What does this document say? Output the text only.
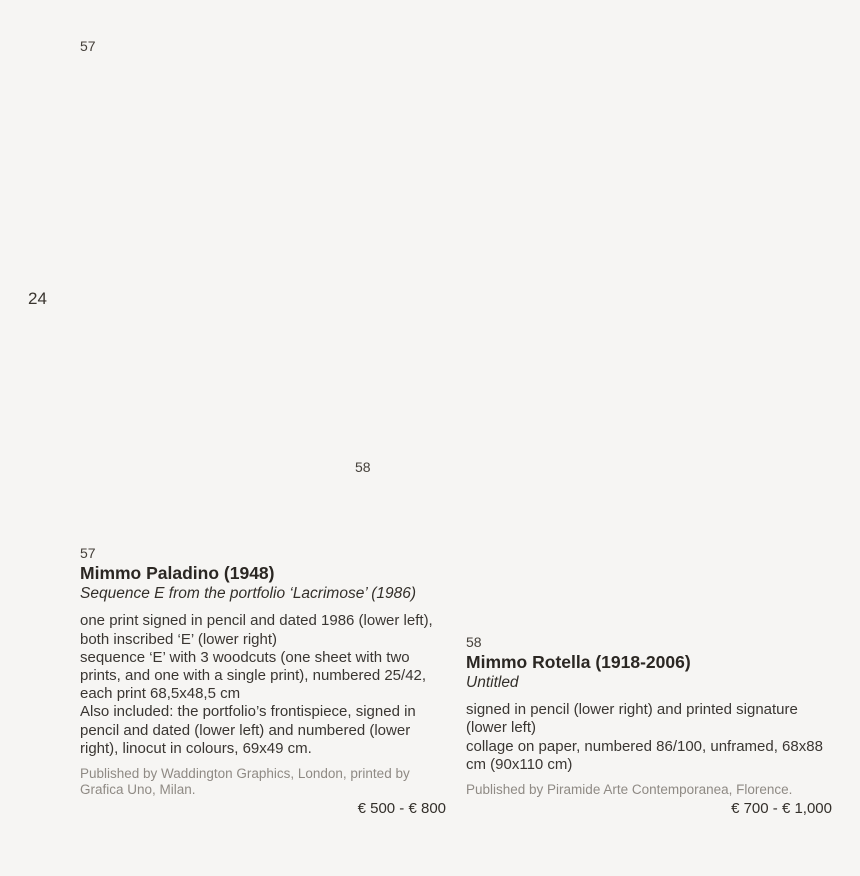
57
24
58
57
Mimmo Paladino (1948)
Sequence E from the portfolio ‘Lacrimose’ (1986)
one print signed in pencil and dated 1986 (lower left), both inscribed ‘E’ (lower right)
sequence ‘E’ with 3 woodcuts (one sheet with two prints, and one with a single print), numbered 25/42, each print 68,5x48,5 cm
Also included: the portfolio’s frontispiece, signed in pencil and dated (lower left) and numbered (lower right), linocut in colours, 69x49 cm.
Published by Waddington Graphics, London, printed by Grafica Uno, Milan.
€ 500 - € 800
58
Mimmo Rotella (1918-2006)
Untitled
signed in pencil (lower right) and printed signature (lower left)
collage on paper, numbered 86/100, unframed, 68x88 cm (90x110 cm)
Published by Piramide Arte Contemporanea, Florence.
€ 700 - € 1,000
